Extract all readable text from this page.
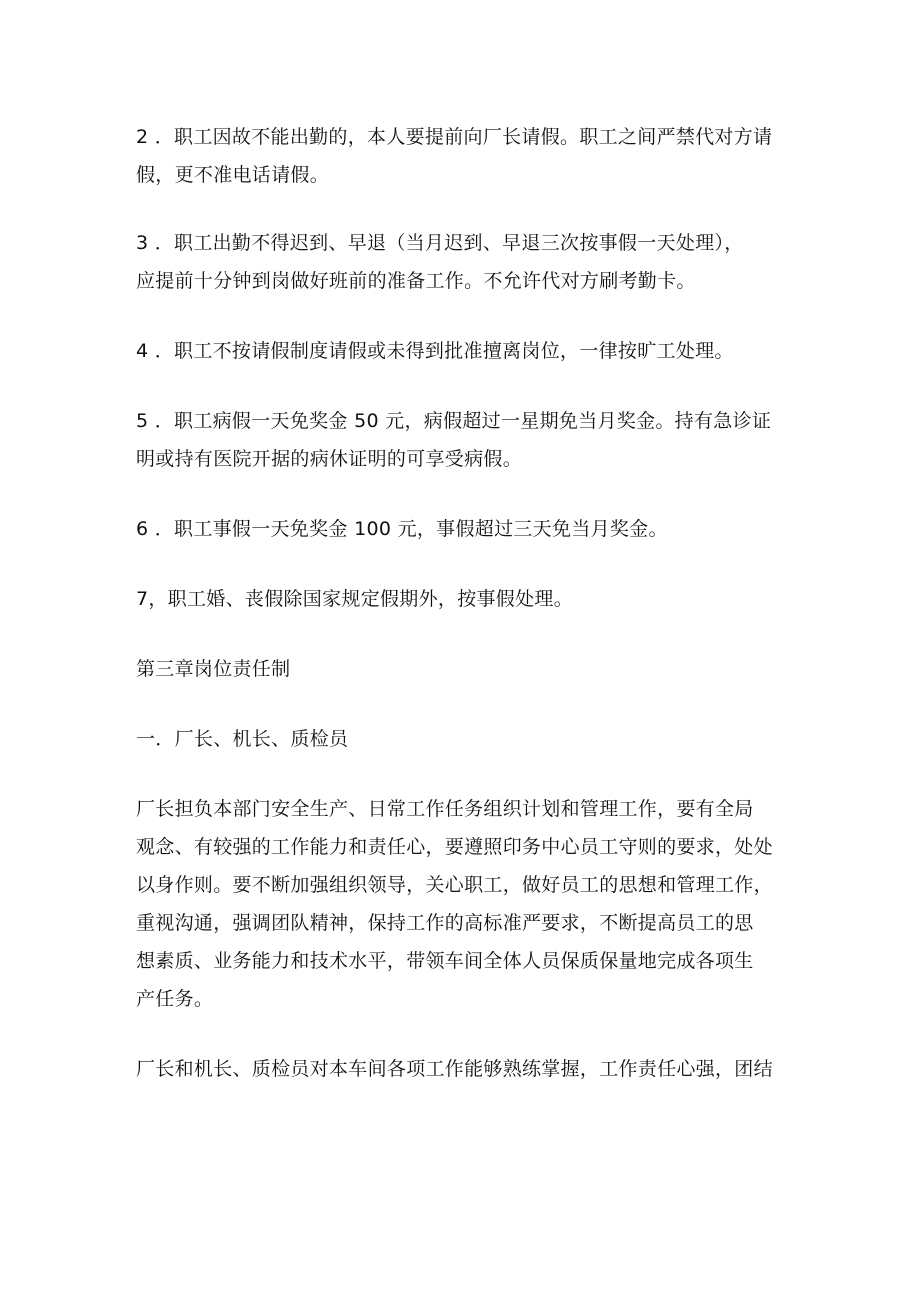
2 ．职工因故不能出勤的，本人要提前向厂长请假。职工之间严禁代对方请
假，更不准电话请假。

3 ．职工出勤不得迟到、早退（当月迟到、早退三次按事假一天处理），
应提前十分钟到岗做好班前的准备工作。不允许代对方刷考勤卡。

4 ．职工不按请假制度请假或未得到批准擅离岗位，一律按旷工处理。

5 ．职工病假一天免奖金 50 元，病假超过一星期免当月奖金。持有急诊证
明或持有医院开据的病休证明的可享受病假。

6 ．职工事假一天免奖金 100 元，事假超过三天免当月奖金。

7，职工婚、丧假除国家规定假期外，按事假处理。

第三章岗位责任制

一．厂长、机长、质检员

厂长担负本部门安全生产、日常工作任务组织计划和管理工作，要有全局
观念、有较强的工作能力和责任心，要遵照印务中心员工守则的要求，处处
以身作则。要不断加强组织领导，关心职工，做好员工的思想和管理工作，
重视沟通，强调团队精神，保持工作的高标准严要求，不断提高员工的思
想素质、业务能力和技术水平，带领车间全体人员保质保量地完成各项生
产任务。

厂长和机长、质检员对本车间各项工作能够熟练掌握，工作责任心强，团结
